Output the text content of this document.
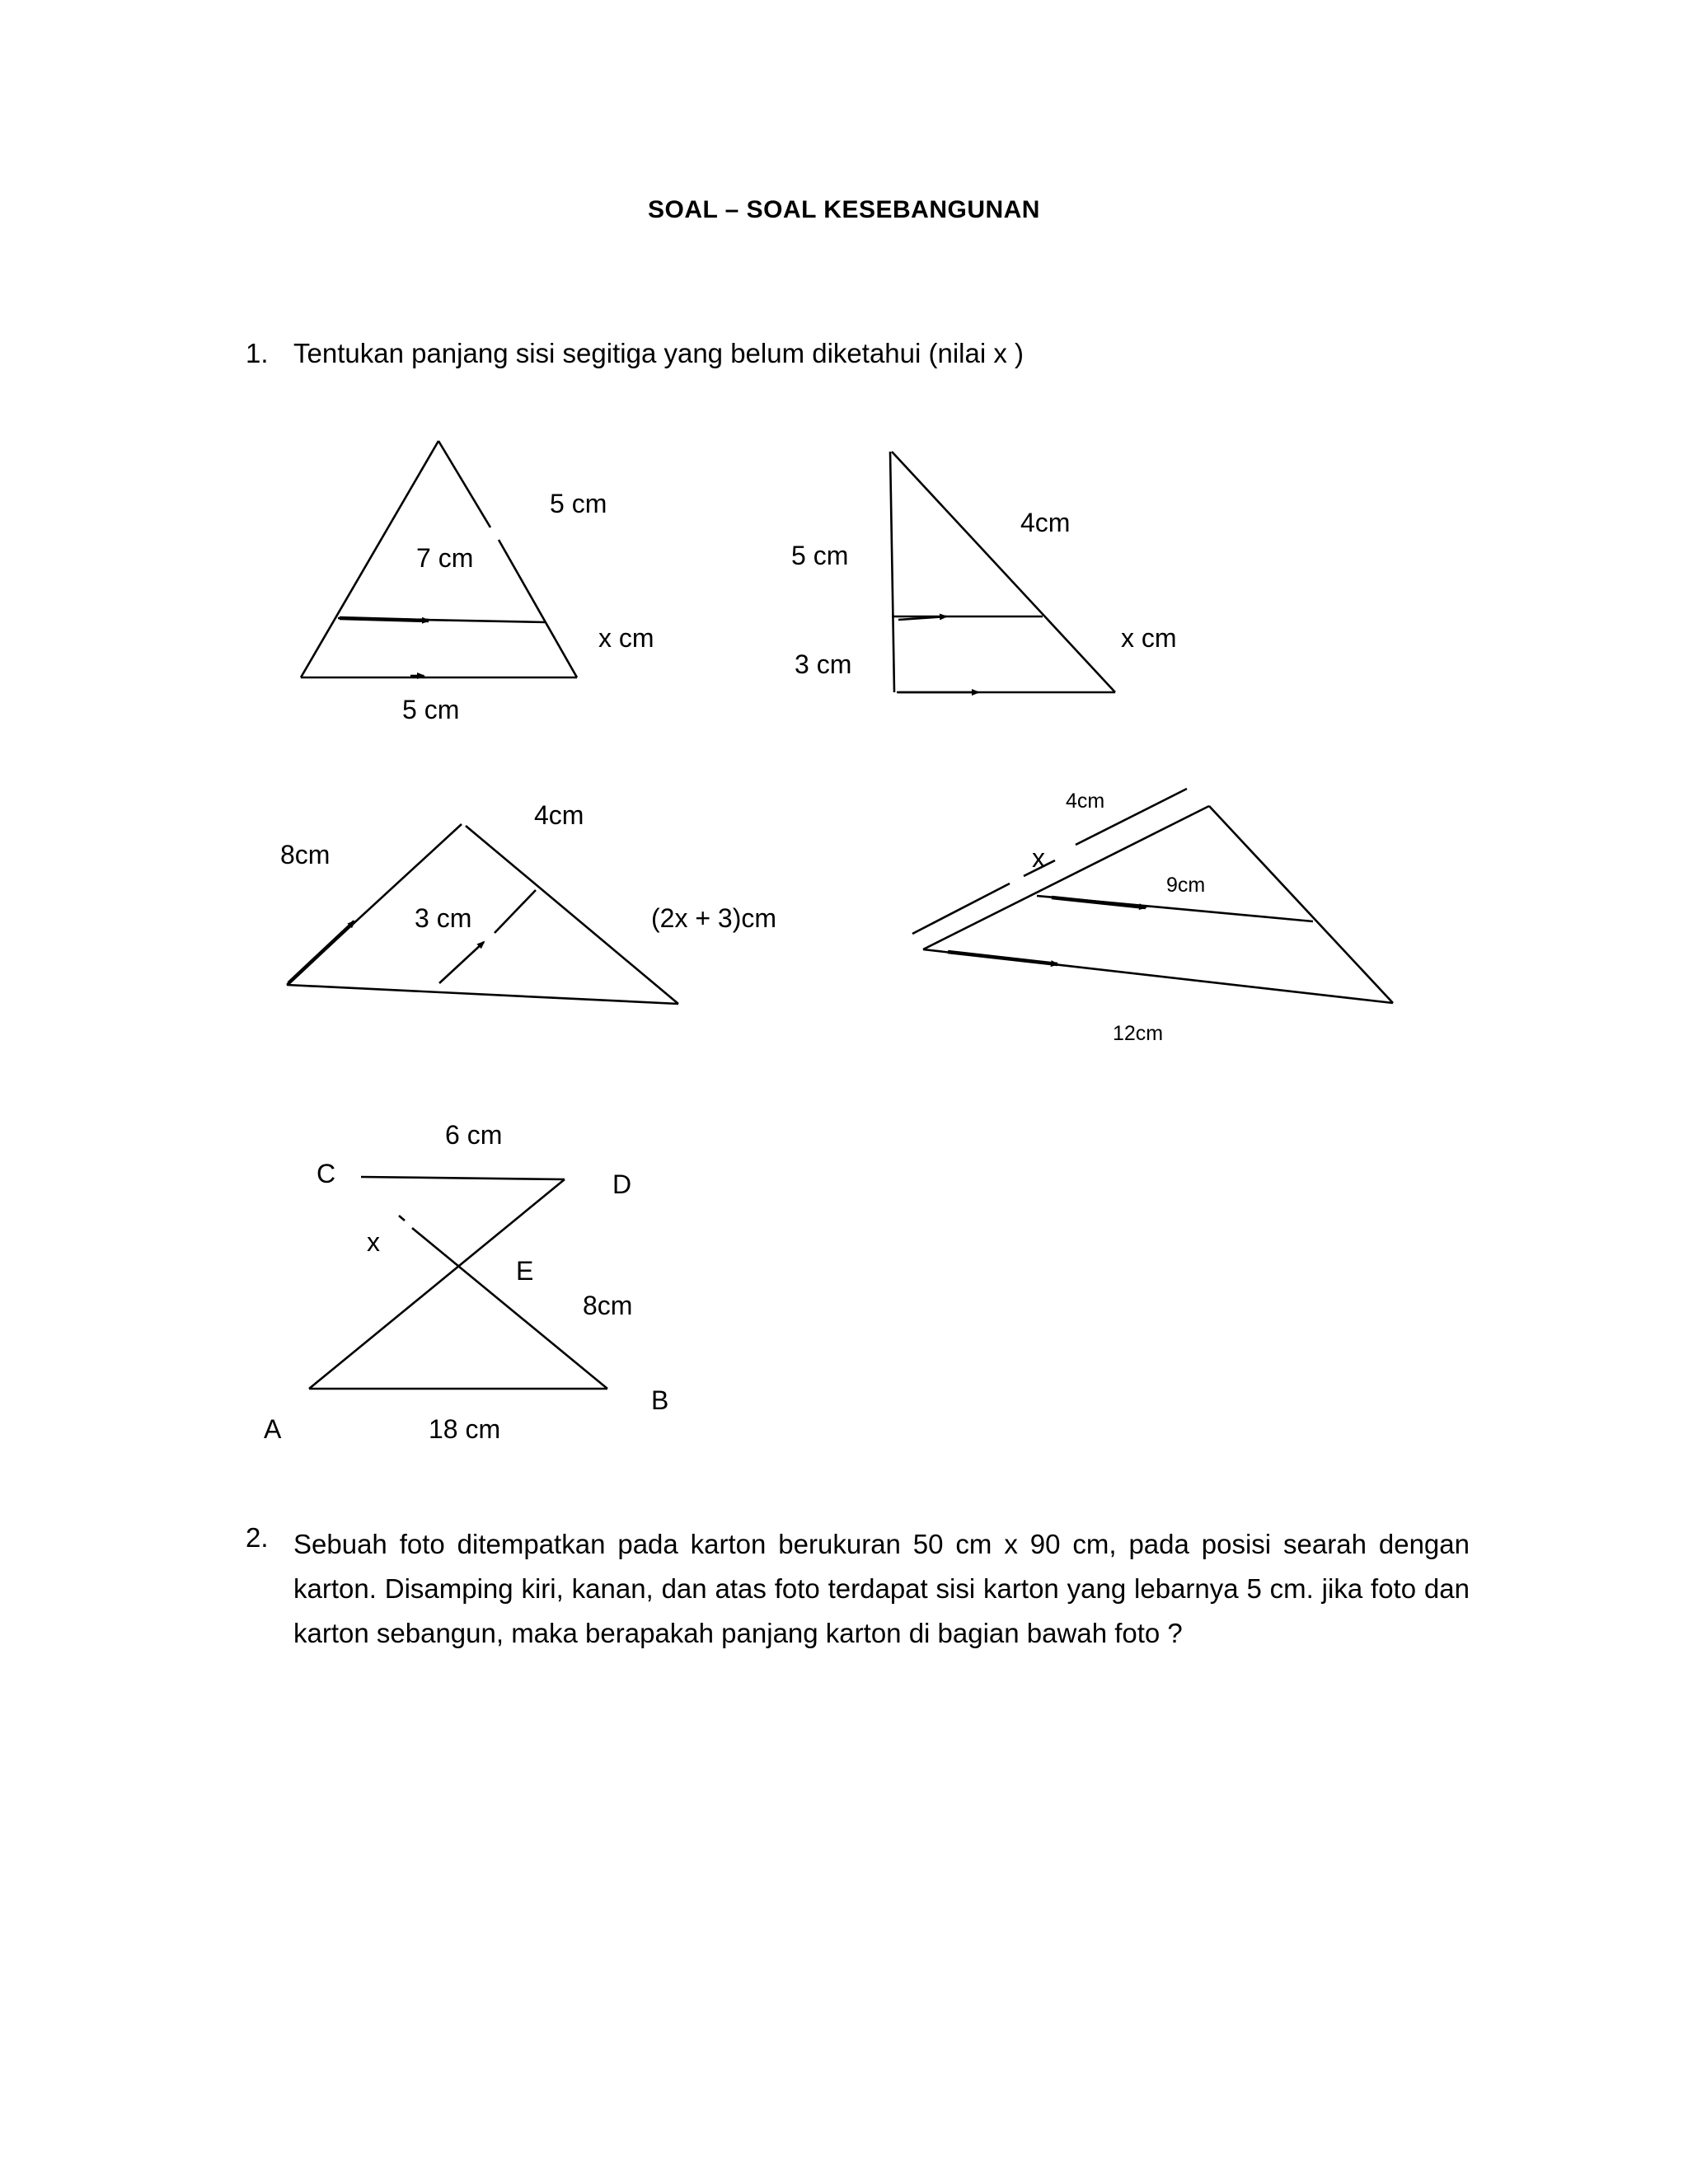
SOAL – SOAL KESEBANGUNAN
1. Tentukan panjang sisi segitiga yang belum diketahui (nilai x )
7 cm
5 cm
x cm
5 cm
5 cm
3 cm
4cm
x cm
8cm
4cm
3 cm	(2x + 3)cm
4cm
x
9cm
12cm
6 cm
C	D
x
E
8cm
B
A	18 cm
2. Sebuah foto ditempatkan pada karton berukuran 50 cm x 90 cm, pada posisi searah dengan karton. Disamping kiri, kanan, dan atas foto terdapat sisi karton yang lebarnya 5 cm. jika foto dan karton sebangun, maka berapakah panjang karton di bagian bawah foto ?
